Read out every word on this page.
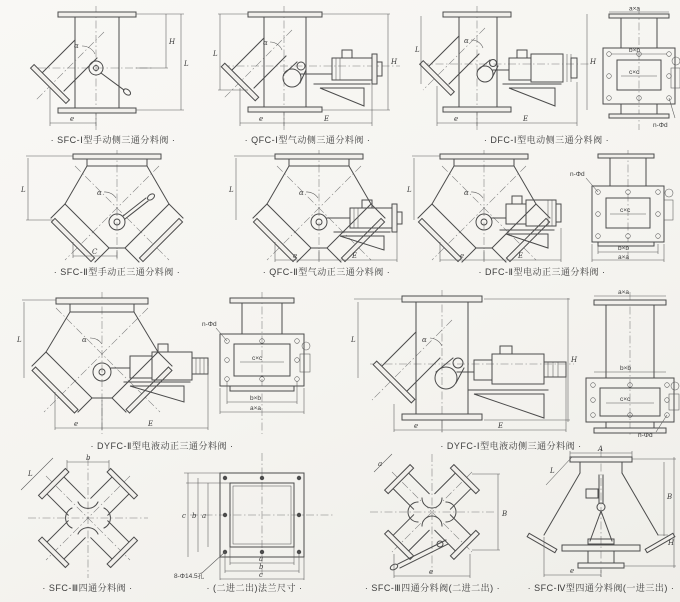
α	H
L
e
· SFC-Ⅰ型手动侧三通分料阀 ·
L
H
e	E
α
· QFC-Ⅰ型气动侧三通分料阀 ·
L
H
e	E
α
a×a
b×b
c×c
n-Φd
· DFC-Ⅰ型电动侧三通分料阀 ·
α
L
C
· SFC-Ⅱ型手动正三通分料阀 ·
α
L
e	E
· QFC-Ⅱ型气动正三通分料阀 ·
α
L
e	E
c×c
b×b
a×a
n-Φd
· DFC-Ⅱ型电动正三通分料阀 ·
α
L
e	E
c×c
b×b
a×a
n-Φd
· DYFC-Ⅱ型电液动正三通分料阀 ·
L
H
e	E
α
a×a
b×b
c×c
n-Φd
· DYFC-Ⅰ型电液动侧三通分料阀 ·
b
L
· SFC-Ⅲ四通分料阀 ·
a
b
c
a
b
c
8-Φ14.5孔
· (二进二出)法兰尺寸 ·
B
e
a
· SFC-Ⅲ四通分料阀(二进二出) ·
A
B
H
e
L
· SFC-Ⅳ型四通分料阀(一进三出) ·
